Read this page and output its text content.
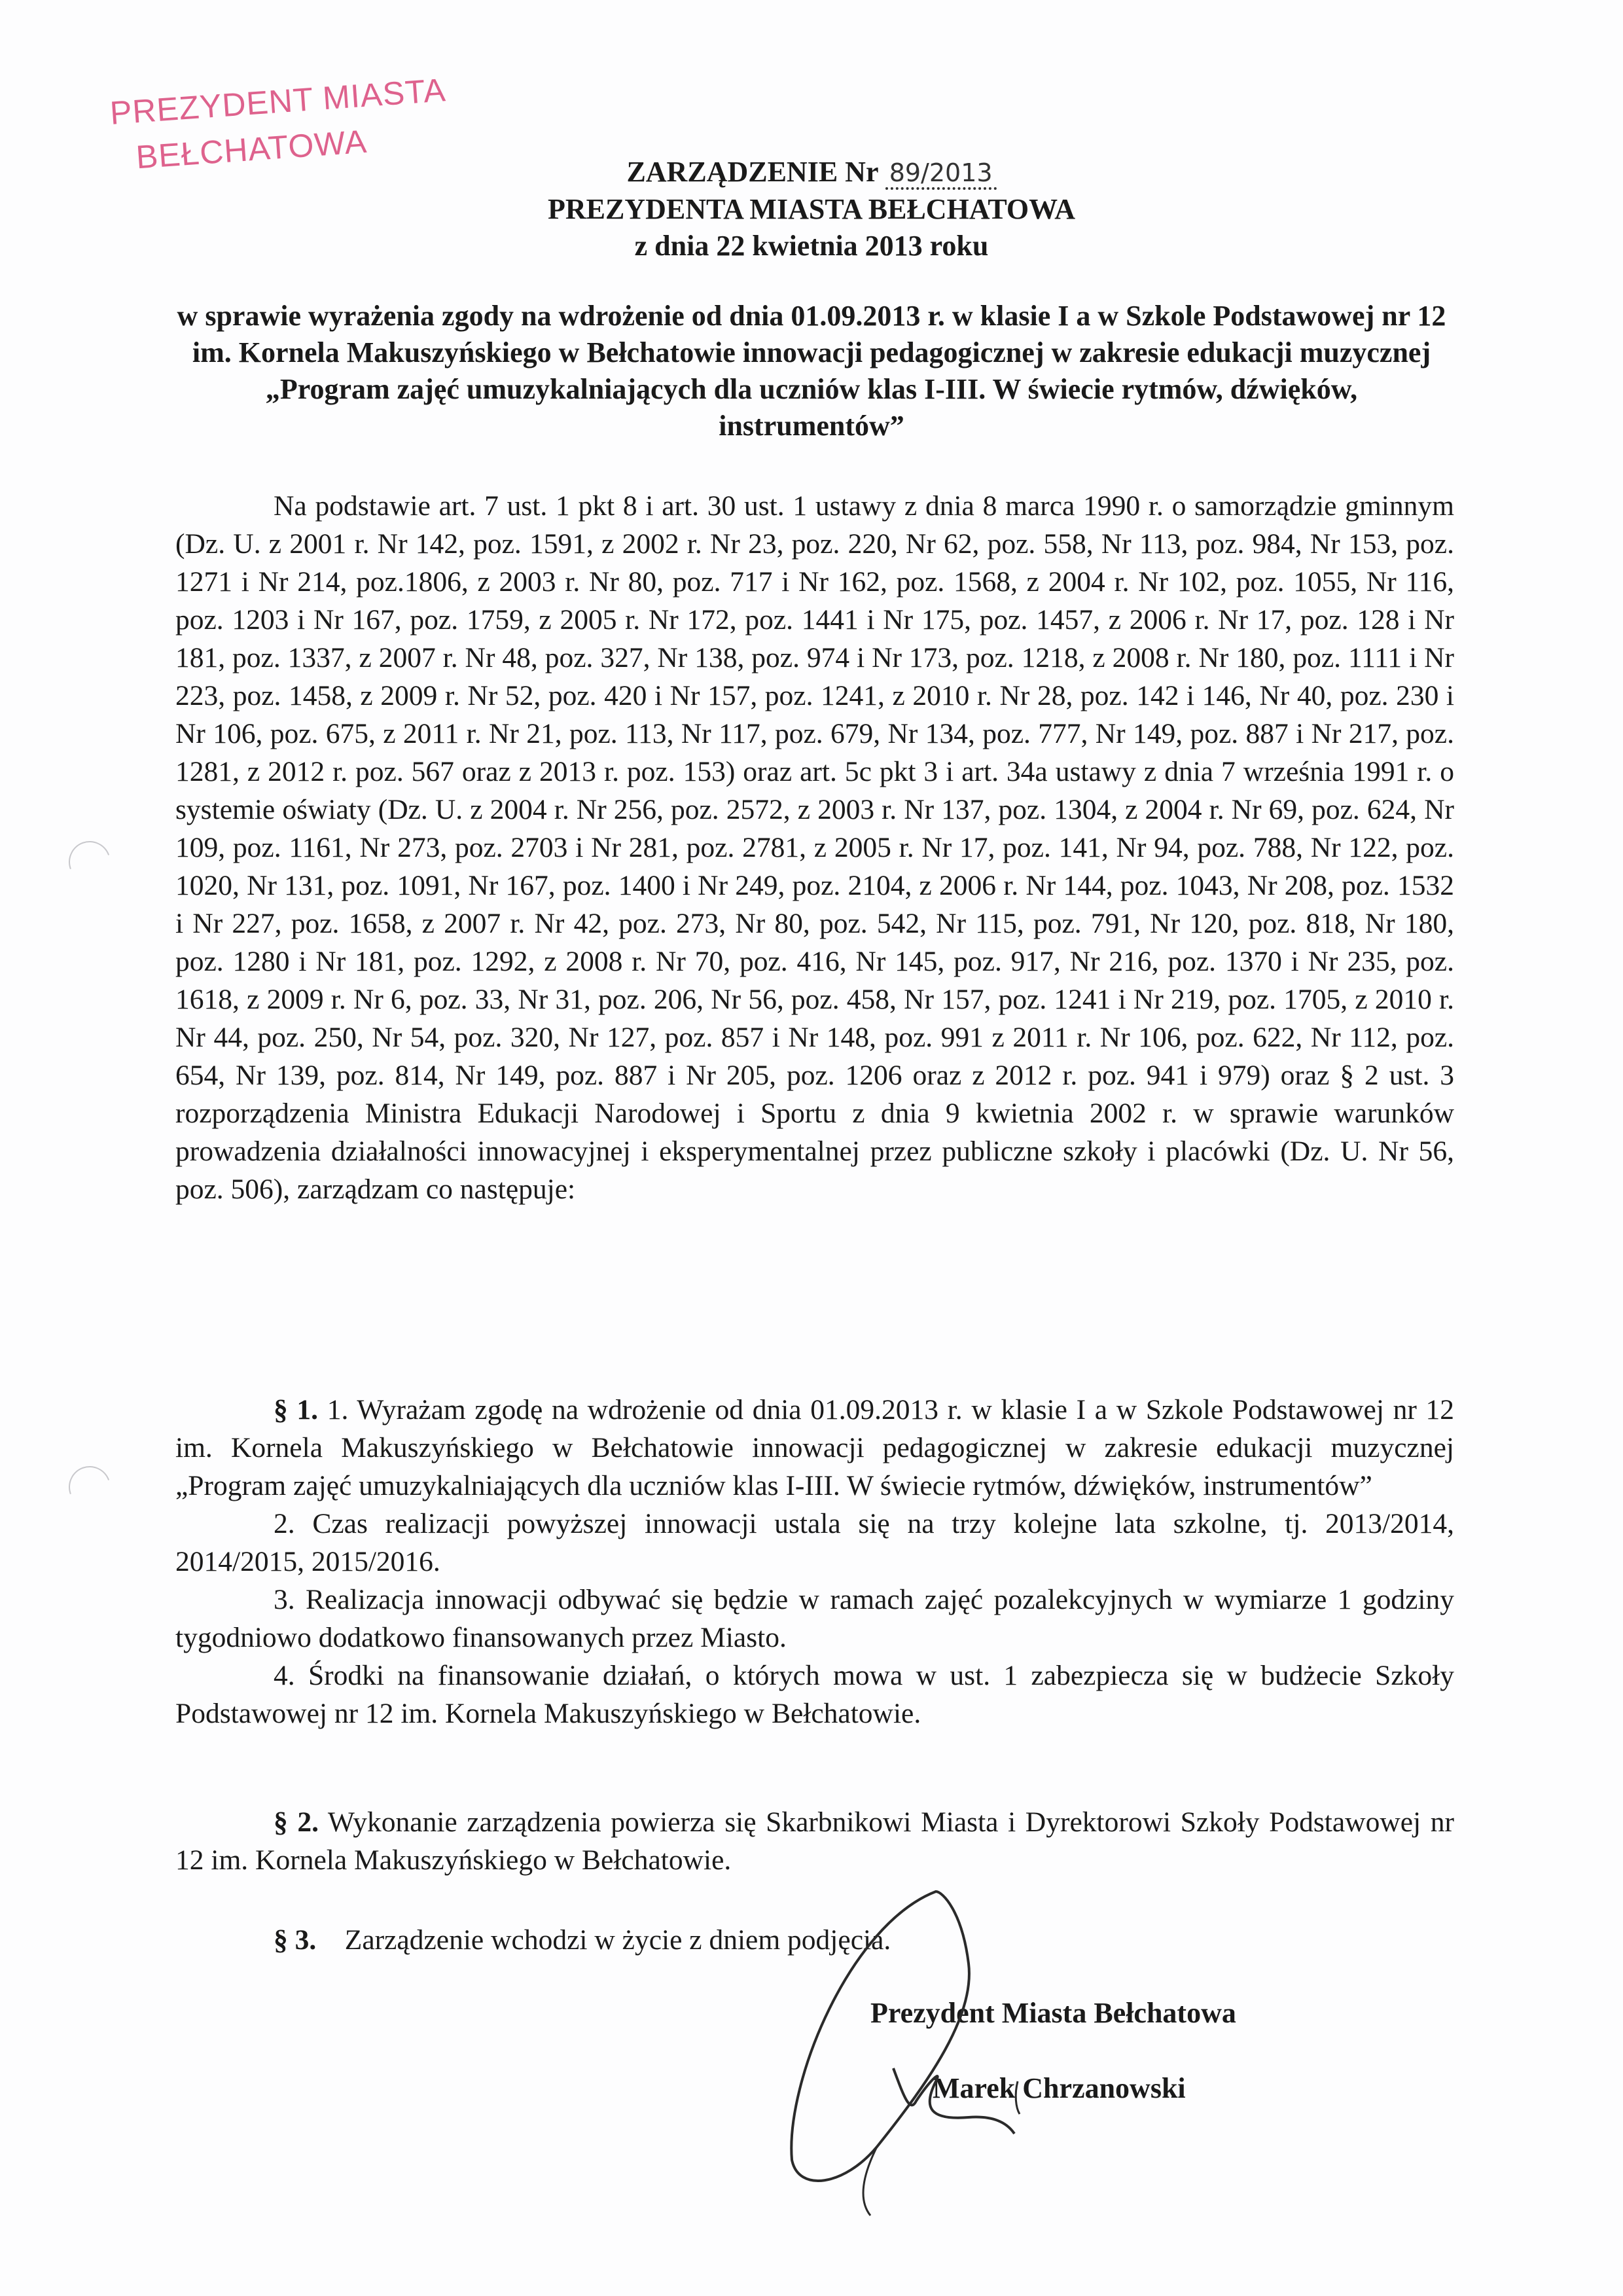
PREZYDENT MIASTA
BEŁCHATOWA	ZARZĄDZENIE Nr 89/2013
PREZYDENTA MIASTA BEŁCHATOWA
z dnia 22 kwietnia 2013 roku
w sprawie wyrażenia zgody na wdrożenie od dnia 01.09.2013 r. w klasie I a w Szkole Podstawowej nr 12 im. Kornela Makuszyńskiego w Bełchatowie innowacji pedagogicznej w zakresie edukacji muzycznej „Program zajęć umuzykalniających dla uczniów klas I-III. W świecie rytmów, dźwięków, instrumentów”

Na podstawie art. 7 ust. 1 pkt 8 i art. 30 ust. 1 ustawy z dnia 8 marca 1990 r. o samorządzie gminnym (Dz. U. z 2001 r. Nr 142, poz. 1591, z 2002 r. Nr 23, poz. 220, Nr 62, poz. 558, Nr 113, poz. 984, Nr 153, poz. 1271 i Nr 214, poz.1806, z 2003 r. Nr 80, poz. 717 i Nr 162, poz. 1568, z 2004 r. Nr 102, poz. 1055, Nr 116, poz. 1203 i Nr 167, poz. 1759, z 2005 r. Nr 172, poz. 1441 i Nr 175, poz. 1457, z 2006 r. Nr 17, poz. 128 i Nr 181, poz. 1337, z 2007 r. Nr 48, poz. 327, Nr 138, poz. 974 i Nr 173, poz. 1218, z 2008 r. Nr 180, poz. 1111 i Nr 223, poz. 1458, z 2009 r. Nr 52, poz. 420 i Nr 157, poz. 1241, z 2010 r. Nr 28, poz. 142 i 146, Nr 40, poz. 230 i Nr 106, poz. 675, z 2011 r. Nr 21, poz. 113, Nr 117, poz. 679, Nr 134, poz. 777, Nr 149, poz. 887 i Nr 217, poz. 1281, z 2012 r. poz. 567 oraz z 2013 r. poz. 153) oraz art. 5c pkt 3 i art. 34a ustawy z dnia 7 września 1991 r. o systemie oświaty (Dz. U. z 2004 r. Nr 256, poz. 2572, z 2003 r. Nr 137, poz. 1304, z 2004 r. Nr 69, poz. 624, Nr 109, poz. 1161, Nr 273, poz. 2703 i Nr 281, poz. 2781, z 2005 r. Nr 17, poz. 141, Nr 94, poz. 788, Nr 122, poz. 1020, Nr 131, poz. 1091, Nr 167, poz. 1400 i Nr 249, poz. 2104, z 2006 r. Nr 144, poz. 1043, Nr 208, poz. 1532 i Nr 227, poz. 1658, z 2007 r. Nr 42, poz. 273, Nr 80, poz. 542, Nr 115, poz. 791, Nr 120, poz. 818, Nr 180, poz. 1280 i Nr 181, poz. 1292, z 2008 r. Nr 70, poz. 416, Nr 145, poz. 917, Nr 216, poz. 1370 i Nr 235, poz. 1618, z 2009 r. Nr 6, poz. 33, Nr 31, poz. 206, Nr 56, poz. 458, Nr 157, poz. 1241 i Nr 219, poz. 1705, z 2010 r. Nr 44, poz. 250, Nr 54, poz. 320, Nr 127, poz. 857 i Nr 148, poz. 991 z 2011 r. Nr 106, poz. 622, Nr 112, poz. 654, Nr 139, poz. 814, Nr 149, poz. 887 i Nr 205, poz. 1206 oraz z 2012 r. poz. 941 i 979) oraz § 2 ust. 3 rozporządzenia Ministra Edukacji Narodowej i Sportu z dnia 9 kwietnia 2002 r. w sprawie warunków prowadzenia działalności innowacyjnej i eksperymentalnej przez publiczne szkoły i placówki (Dz. U. Nr 56, poz. 506), zarządzam co następuje:

§ 1. 1. Wyrażam zgodę na wdrożenie od dnia 01.09.2013 r. w klasie I a w Szkole Podstawowej nr 12 im. Kornela Makuszyńskiego w Bełchatowie innowacji pedagogicznej w zakresie edukacji muzycznej „Program zajęć umuzykalniających dla uczniów klas I-III. W świecie rytmów, dźwięków, instrumentów”

2. Czas realizacji powyższej innowacji ustala się na trzy kolejne lata szkolne, tj. 2013/2014, 2014/2015, 2015/2016.

3. Realizacja innowacji odbywać się będzie w ramach zajęć pozalekcyjnych w wymiarze 1 godziny tygodniowo dodatkowo finansowanych przez Miasto.

4. Środki na finansowanie działań, o których mowa w ust. 1 zabezpiecza się w budżecie Szkoły Podstawowej nr 12 im. Kornela Makuszyńskiego w Bełchatowie.

§ 2. Wykonanie zarządzenia powierza się Skarbnikowi Miasta i Dyrektorowi Szkoły Podstawowej nr 12 im. Kornela Makuszyńskiego w Bełchatowie.

§ 3. Zarządzenie wchodzi w życie z dniem podjęcia.

Prezydent Miasta Bełchatowa
Marek Chrzanowski
